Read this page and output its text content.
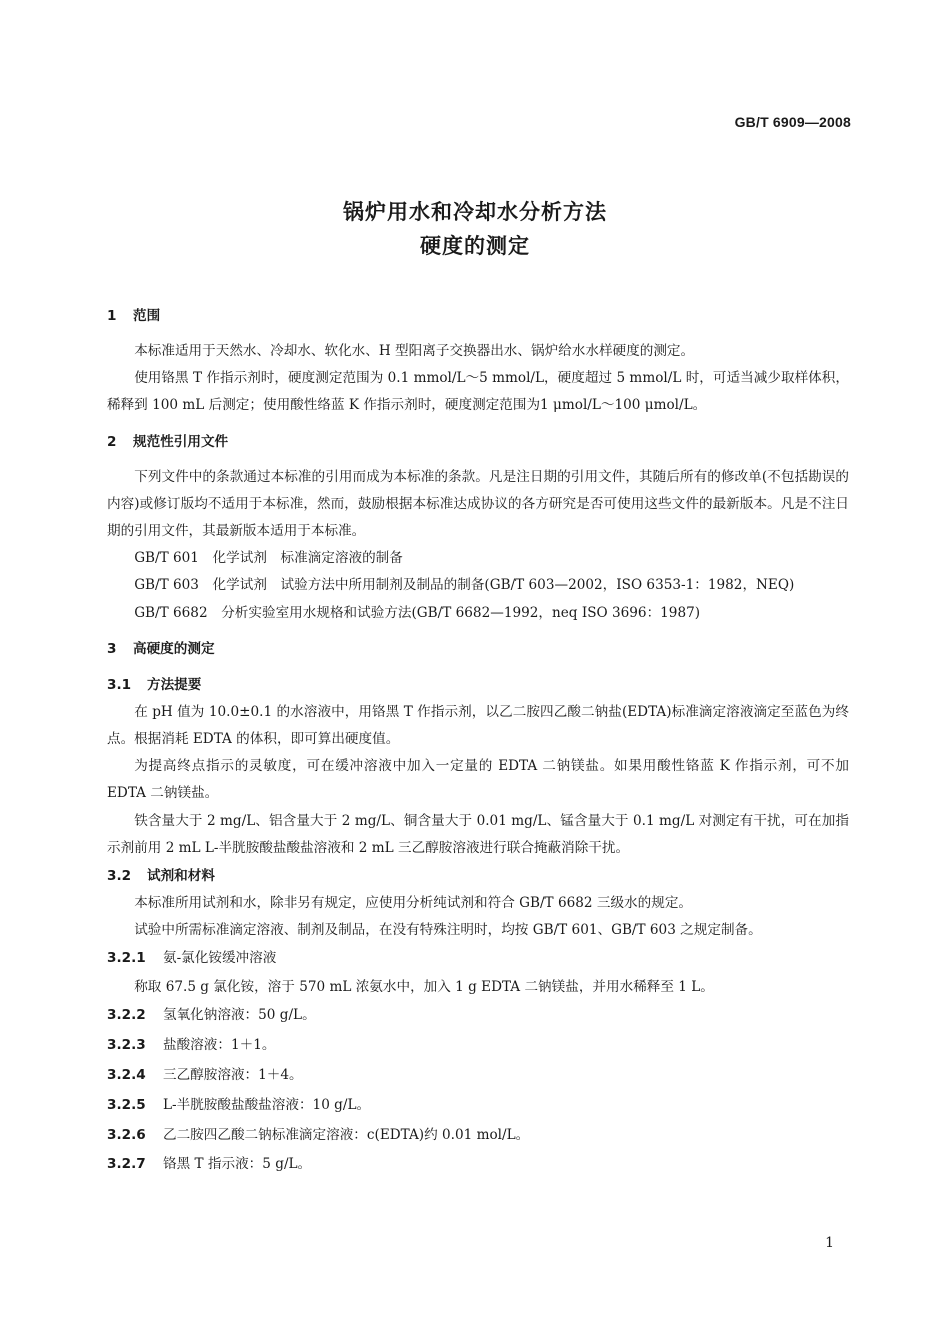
GB/T 6909—2008
锅炉用水和冷却水分析方法
硬度的测定
1 范围

本标准适用于天然水、冷却水、软化水、H 型阳离子交换器出水、锅炉给水水样硬度的测定。

使用铬黑 T 作指示剂时，硬度测定范围为 0.1 mmol/L～5 mmol/L，硬度超过 5 mmol/L 时，可适当减少取样体积，稀释到 100 mL 后测定；使用酸性络蓝 K 作指示剂时，硬度测定范围为1 μmol/L～100 μmol/L。

2 规范性引用文件

下列文件中的条款通过本标准的引用而成为本标准的条款。凡是注日期的引用文件，其随后所有的修改单(不包括勘误的内容)或修订版均不适用于本标准，然而，鼓励根据本标准达成协议的各方研究是否可使用这些文件的最新版本。凡是不注日期的引用文件，其最新版本适用于本标准。

GB/T 601　化学试剂　标准滴定溶液的制备

GB/T 603　化学试剂　试验方法中所用制剂及制品的制备(GB/T 603—2002，ISO 6353-1：1982，NEQ)

GB/T 6682　分析实验室用水规格和试验方法(GB/T 6682—1992，neq ISO 3696：1987)

3 高硬度的测定
3.1 方法提要

在 pH 值为 10.0±0.1 的水溶液中，用铬黑 T 作指示剂，以乙二胺四乙酸二钠盐(EDTA)标准滴定溶液滴定至蓝色为终点。根据消耗 EDTA 的体积，即可算出硬度值。

为提高终点指示的灵敏度，可在缓冲溶液中加入一定量的 EDTA 二钠镁盐。如果用酸性铬蓝 K 作指示剂，可不加 EDTA 二钠镁盐。

铁含量大于 2 mg/L、铝含量大于 2 mg/L、铜含量大于 0.01 mg/L、锰含量大于 0.1 mg/L 对测定有干扰，可在加指示剂前用 2 mL L-半胱胺酸盐酸盐溶液和 2 mL 三乙醇胺溶液进行联合掩蔽消除干扰。

3.2 试剂和材料

本标准所用试剂和水，除非另有规定，应使用分析纯试剂和符合 GB/T 6682 三级水的规定。

试验中所需标准滴定溶液、制剂及制品，在没有特殊注明时，均按 GB/T 601、GB/T 603 之规定制备。

3.2.1 氨-氯化铵缓冲溶液

称取 67.5 g 氯化铵，溶于 570 mL 浓氨水中，加入 1 g EDTA 二钠镁盐，并用水稀释至 1 L。

3.2.2 氢氧化钠溶液：50 g/L。
3.2.3 盐酸溶液：1＋1。
3.2.4 三乙醇胺溶液：1＋4。
3.2.5 L-半胱胺酸盐酸盐溶液：10 g/L。
3.2.6 乙二胺四乙酸二钠标准滴定溶液：c(EDTA)约 0.01 mol/L。
3.2.7 铬黑 T 指示液：5 g/L。
1
